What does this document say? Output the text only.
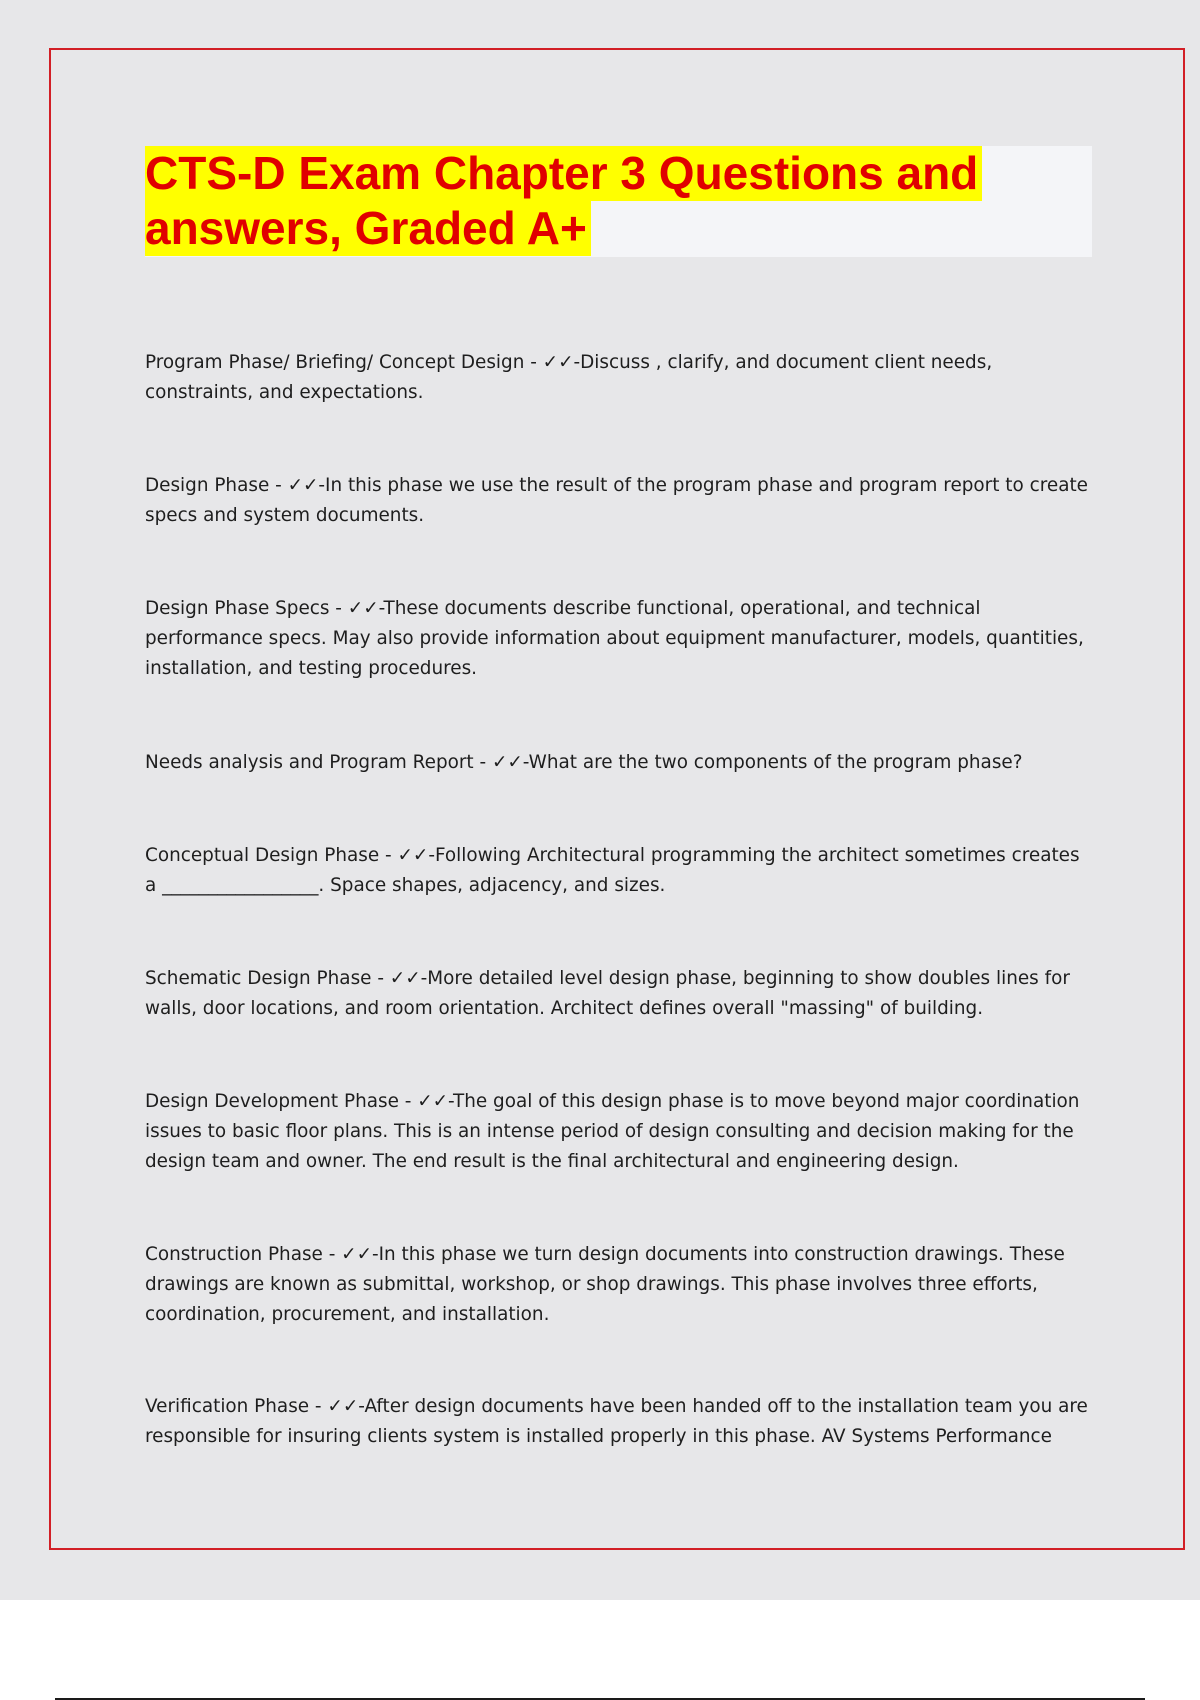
CTS-D Exam Chapter 3 Questions and
answers, Graded A+
Program Phase/ Briefing/ Concept Design - ✓✓-Discuss , clarify, and document client needs, constraints, and expectations.
Design Phase - ✓✓-In this phase we use the result of the program phase and program report to create specs and system documents.
Design Phase Specs - ✓✓-These documents describe functional, operational, and technical performance specs. May also provide information about equipment manufacturer, models, quantities, installation, and testing procedures.
Needs analysis and Program Report - ✓✓-What are the two components of the program phase?
Conceptual Design Phase - ✓✓-Following Architectural programming the architect sometimes creates a _________________. Space shapes, adjacency, and sizes.
Schematic Design Phase - ✓✓-More detailed level design phase, beginning to show doubles lines for walls, door locations, and room orientation. Architect defines overall "massing" of building.
Design Development Phase - ✓✓-The goal of this design phase is to move beyond major coordination issues to basic floor plans. This is an intense period of design consulting and decision making for the design team and owner. The end result is the final architectural and engineering design.
Construction Phase - ✓✓-In this phase we turn design documents into construction drawings. These drawings are known as submittal, workshop, or shop drawings. This phase involves three efforts, coordination, procurement, and installation.
Verification Phase - ✓✓-After design documents have been handed off to the installation team you are responsible for insuring clients system is installed properly in this phase. AV Systems Performance
